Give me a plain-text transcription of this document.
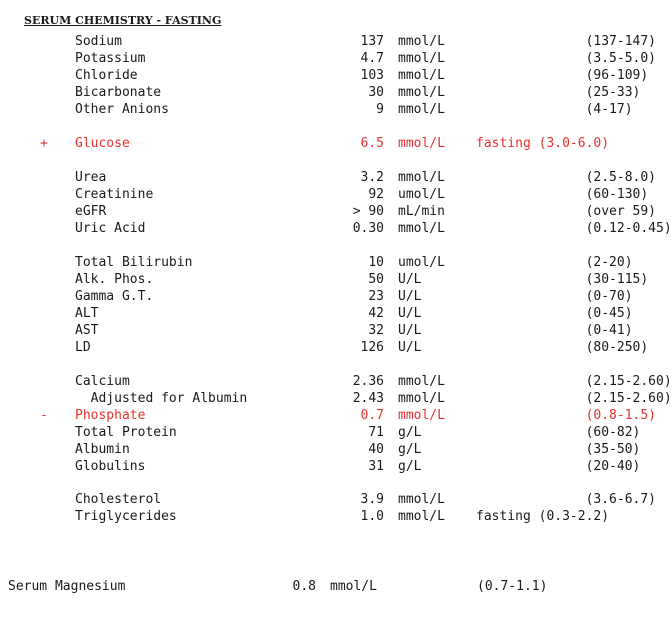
SERUM CHEMISTRY - FASTING
Sodium	137 mmol/L (137-147)
Potassium	4.7 mmol/L (3.5-5.0)
Chloride	103 mmol/L (96-109)
Bicarbonate	30 mmol/L (25-33)
Other Anions	9 mmol/L (4-17)
+ Glucose	6.5 mmol/L fasting (3.0-6.0)
Urea	3.2 mmol/L (2.5-8.0)
Creatinine	92 umol/L (60-130)
eGFR	> 90 mL/min (over 59)
Uric Acid	0.30 mmol/L (0.12-0.45)
Total Bilirubin	10 umol/L (2-20)
Alk. Phos.	50 U/L	(30-115)
Gamma G.T.	23 U/L	(0-70)
ALT	42 U/L	(0-45)
AST	32 U/L	(0-41)
LD	126 U/L	(80-250)
Calcium	2.36 mmol/L (2.15-2.60)
Adjusted for Albumin	2.43 mmol/L (2.15-2.60)
- Phosphate	0.7 mmol/L (0.8-1.5)
Total Protein	71 g/L	(60-82)
Albumin	40 g/L	(35-50)
Globulins	31 g/L	(20-40)
Cholesterol	3.9 mmol/L (3.6-6.7)
Triglycerides	1.0 mmol/L fasting (0.3-2.2)
Serum Magnesium	0.8 mmol/L	(0.7-1.1)
